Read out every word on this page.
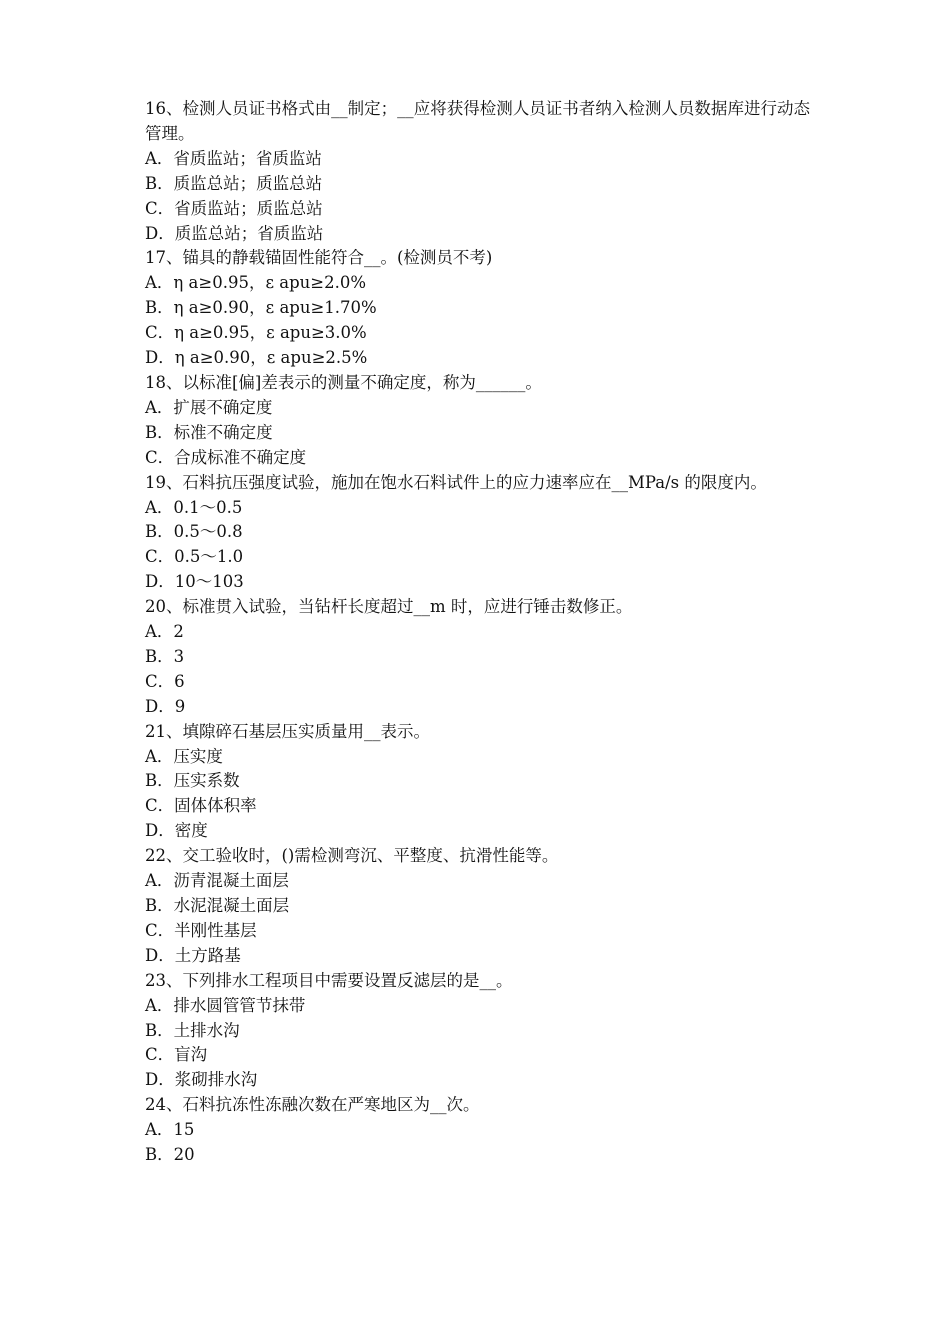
16、检测人员证书格式由__制定；__应将获得检测人员证书者纳入检测人员数据库进行动态管理。

A．省质监站；省质监站

B．质监总站；质监总站

C．省质监站；质监总站

D．质监总站；省质监站

17、锚具的静载锚固性能符合__。(检测员不考)

A．η a≥0.95，ε apu≥2.0%

B．η a≥0.90，ε apu≥1.70%

C．η a≥0.95，ε apu≥3.0%

D．η a≥0.90，ε apu≥2.5%

18、以标准[偏]差表示的测量不确定度，称为______。

A．扩展不确定度

B．标准不确定度

C．合成标准不确定度

19、石料抗压强度试验，施加在饱水石料试件上的应力速率应在__MPa/s 的限度内。

A．0.1～0.5

B．0.5～0.8

C．0.5～1.0

D．10～103

20、标准贯入试验，当钻杆长度超过__m 时，应进行锤击数修正。

A．2

B．3

C．6

D．9

21、填隙碎石基层压实质量用__表示。

A．压实度

B．压实系数

C．固体体积率

D．密度

22、交工验收时，()需检测弯沉、平整度、抗滑性能等。

A．沥青混凝土面层

B．水泥混凝土面层

C．半刚性基层

D．土方路基

23、下列排水工程项目中需要设置反滤层的是__。

A．排水圆管管节抹带

B．土排水沟

C．盲沟

D．浆砌排水沟

24、石料抗冻性冻融次数在严寒地区为__次。

A．15

B．20
